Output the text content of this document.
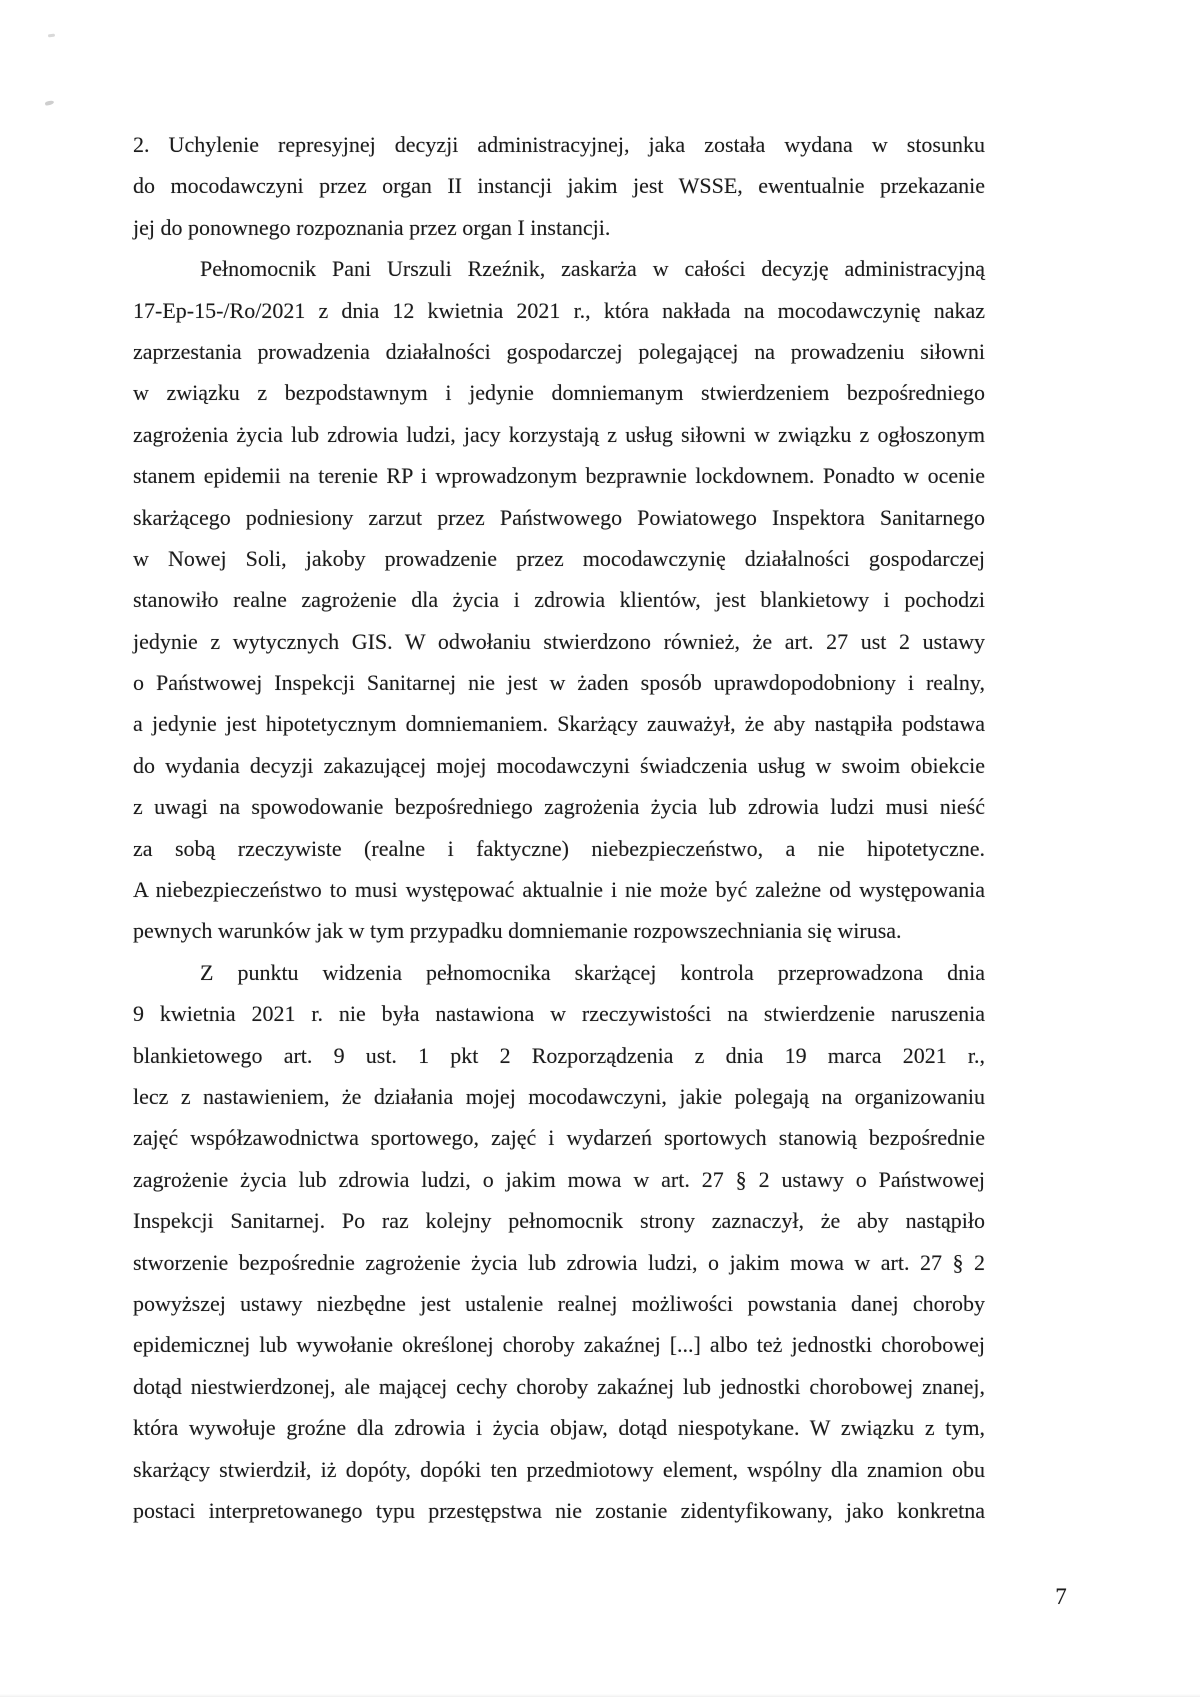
2. Uchylenie represyjnej decyzji administracyjnej, jaka została wydana w stosunku
do mocodawczyni przez organ II instancji jakim jest WSSE, ewentualnie przekazanie
jej do ponownego rozpoznania przez organ I instancji.
Pełnomocnik Pani Urszuli Rzeźnik, zaskarża w całości decyzję administracyjną
17-Ep-15-/Ro/2021 z dnia 12 kwietnia 2021 r., która nakłada na mocodawczynię nakaz
zaprzestania prowadzenia działalności gospodarczej polegającej na prowadzeniu siłowni
w związku z bezpodstawnym i jedynie domniemanym stwierdzeniem bezpośredniego
zagrożenia życia lub zdrowia ludzi, jacy korzystają z usług siłowni w związku z ogłoszonym
stanem epidemii na terenie RP i wprowadzonym bezprawnie lockdownem. Ponadto w ocenie
skarżącego podniesiony zarzut przez Państwowego Powiatowego Inspektora Sanitarnego
w Nowej Soli, jakoby prowadzenie przez mocodawczynię działalności gospodarczej
stanowiło realne zagrożenie dla życia i zdrowia klientów, jest blankietowy i pochodzi
jedynie z wytycznych GIS. W odwołaniu stwierdzono również, że art. 27 ust 2 ustawy
o Państwowej Inspekcji Sanitarnej nie jest w żaden sposób uprawdopodobniony i realny,
a jedynie jest hipotetycznym domniemaniem. Skarżący zauważył, że aby nastąpiła podstawa
do wydania decyzji zakazującej mojej mocodawczyni świadczenia usług w swoim obiekcie
z uwagi na spowodowanie bezpośredniego zagrożenia życia lub zdrowia ludzi musi nieść
za sobą rzeczywiste (realne i faktyczne) niebezpieczeństwo, a nie hipotetyczne.
A niebezpieczeństwo to musi występować aktualnie i nie może być zależne od występowania
pewnych warunków jak w tym przypadku domniemanie rozpowszechniania się wirusa.
Z punktu widzenia pełnomocnika skarżącej kontrola przeprowadzona dnia
9 kwietnia 2021 r. nie była nastawiona w rzeczywistości na stwierdzenie naruszenia
blankietowego art. 9 ust. 1 pkt 2 Rozporządzenia z dnia 19 marca 2021 r.,
lecz z nastawieniem, że działania mojej mocodawczyni, jakie polegają na organizowaniu
zajęć współzawodnictwa sportowego, zajęć i wydarzeń sportowych stanowią bezpośrednie
zagrożenie życia lub zdrowia ludzi, o jakim mowa w art. 27 § 2 ustawy o Państwowej
Inspekcji Sanitarnej. Po raz kolejny pełnomocnik strony zaznaczył, że aby nastąpiło
stworzenie bezpośrednie zagrożenie życia lub zdrowia ludzi, o jakim mowa w art. 27 § 2
powyższej ustawy niezbędne jest ustalenie realnej możliwości powstania danej choroby
epidemicznej lub wywołanie określonej choroby zakaźnej [...] albo też jednostki chorobowej
dotąd niestwierdzonej, ale mającej cechy choroby zakaźnej lub jednostki chorobowej znanej,
która wywołuje groźne dla zdrowia i życia objaw, dotąd niespotykane. W związku z tym,
skarżący stwierdził, iż dopóty, dopóki ten przedmiotowy element, wspólny dla znamion obu
postaci interpretowanego typu przestępstwa nie zostanie zidentyfikowany, jako konkretna
7
